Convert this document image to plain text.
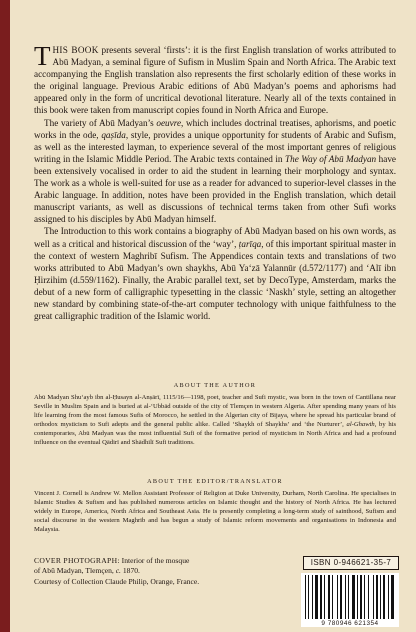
THIS BOOK presents several ‘firsts’: it is the first English translation of works attributed to Abū Madyan, a seminal figure of Sufism in Muslim Spain and North Africa. The Arabic text accompanying the English translation also represents the first scholarly edition of these works in the original language. Previous Arabic editions of Abū Madyan’s poems and aphorisms had appeared only in the form of uncritical devotional literature. Nearly all of the texts contained in this book were taken from manuscript copies found in North Africa and Europe.

The variety of Abū Madyan’s oeuvre, which includes doctrinal treatises, aphorisms, and poetic works in the ode, qaṣīda, style, provides a unique opportunity for students of Arabic and Sufism, as well as the interested layman, to experience several of the most important genres of religious writing in the Islamic Middle Period. The Arabic texts contained in The Way of Abū Madyan have been extensively vocalised in order to aid the student in learning their morphology and syntax. The work as a whole is well-suited for use as a reader for advanced to superior-level classes in the Arabic language. In addition, notes have been provided in the English translation, which detail manuscript variants, as well as discussions of technical terms taken from other Sufi works assigned to his disciples by Abū Madyan himself.

The Introduction to this work contains a biography of Abū Madyan based on his own words, as well as a critical and historical discussion of the ‘way’, ṭarīqa, of this important spiritual master in the context of western Maghribī Sufism. The Appendices contain texts and translations of two works attributed to Abū Madyan’s own shaykhs, Abū Ya‘zā Yalannūr (d.572/1177) and ‘Alī ibn Ḥirzihim (d.559/1162). Finally, the Arabic parallel text, set by DecoType, Amsterdam, marks the debut of a new form of calligraphic typesetting in the classic ‘Naskh’ style, setting an altogether new standard by combining state-of-the-art computer technology with unique faithfulness to the great calligraphic tradition of the Islamic world.

ABOUT THE AUTHOR

Abū Madyan Shu‘ayb ibn al-Ḥusayn al-Anṣārī, 1115/16—1198, poet, teacher and Sufi mystic, was born in the town of Cantillana near Seville in Muslim Spain and is buried at al-‘Ubbād outside of the city of Tlemçen in western Algeria. After spending many years of his life learning from the most famous Sufis of Morocco, he settled in the Algerian city of Bijaya, where he spread his particular brand of orthodox mysticism to Sufi adepts and the general public alike. Called ‘Shaykh of Shaykhs’ and ‘the Nurturer’, al-Ghawth, by his contemporaries, Abū Madyan was the most influential Sufi of the formative period of mysticism in North Africa and had a profound influence on the eventual Qādirī and Shādhilī Sufi traditions.

ABOUT THE EDITOR/TRANSLATOR

Vincent J. Cornell is Andrew W. Mellon Assistant Professor of Religion at Duke University, Durham, North Carolina. He specialises in Islamic Studies & Sufism and has published numerous articles on Islamic thought and the history of North Africa. He has lectured widely in Europe, America, North Africa and Southeast Asia. He is presently completing a long-term study of sainthood, Sufism and social discourse in the western Maghrib and has begun a study of Islamic reform movements and organisations in Indonesia and Malaysia.

COVER PHOTOGRAPH: Interior of the mosque
of Abū Madyan, Tlemçen, c. 1870.
Courtesy of Collection Claude Philip, Orange, France.
ISBN 0-946621-35-7
9 780946 621354
